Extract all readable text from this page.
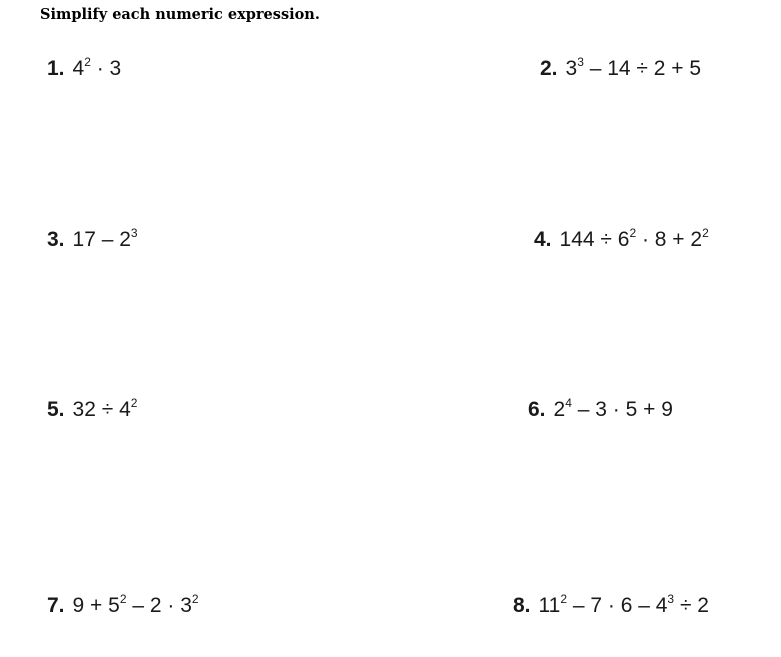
Simplify each numeric expression.
1. $4^2 \cdot 3$	2. $3^3 - 14 \div 2 + 5$
3. $17 - 2^3$	4. $144 \div 6^2 \cdot 8 + 2^2$
5. $32 \div 4^2$	6. $2^4 - 3 \cdot 5 + 9$
7. $9 + 5^2 - 2 \cdot 3^2$	8. $11^2 - 7 \cdot 6 - 4^3 \div 2$
